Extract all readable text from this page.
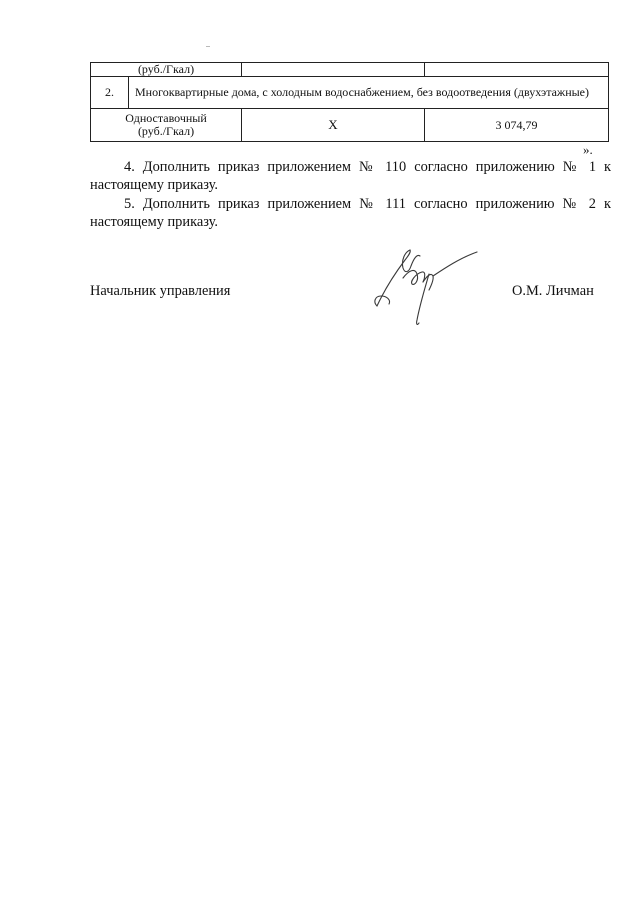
(руб./Гкал)			
2.	Многоквартирные дома, с холодным водоснабжением, без водоотведения (двухэтажные)		

Одноставочный
(руб./Гкал)		Х	3 074,79
».

4. Дополнить приказ приложением № 110 согласно приложению № 1 к настоящему приказу.

5. Дополнить приказ приложением № 111 согласно приложению № 2 к настоящему приказу.

Начальник управления	О.М. Личман
